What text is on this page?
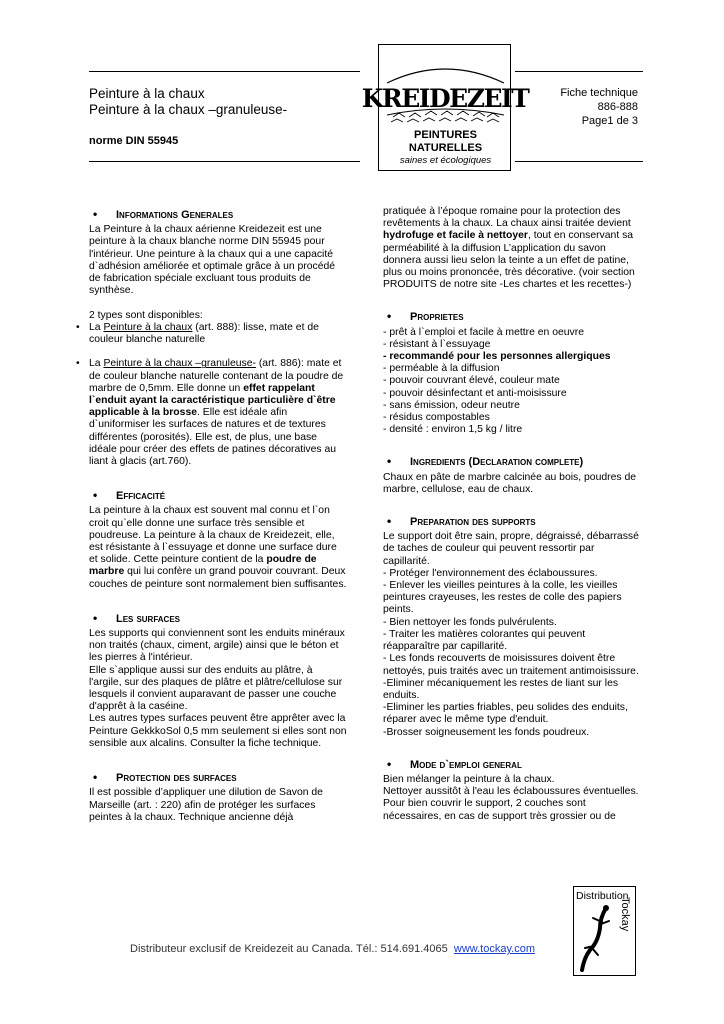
Peinture à la chaux
Peinture à la chaux –granuleuse-
norme DIN 55945
Fiche technique
886-888
Page1 de 3
KREIDEZEIT
PEINTURES
NATURELLES
saines et écologiques
• Informations Generales

La Peinture à la chaux aérienne Kreidezeit est une peinture à la chaux blanche norme DIN 55945 pour l'intérieur. Une peinture à la chaux qui a une capacité d`adhésion améliorée et optimale grâce à un procédé de fabrication spéciale excluant tous produits de synthèse.

2 types sont disponibles:

• La Peinture à la chaux (art. 888): lisse, mate et de couleur blanche naturelle

• La Peinture à la chaux –granuleuse- (art. 886): mate et de couleur blanche naturelle contenant de la poudre de marbre de 0,5mm. Elle donne un effet rappelant l`enduit ayant la caractéristique particulière d`être applicable à la brosse. Elle est idéale afin d`uniformiser les surfaces de natures et de textures différentes (porosités). Elle est, de plus, une base idéale pour créer des effets de patines décoratives au liant à glacis (art.760).

• Efficacité

La peinture à la chaux est souvent mal connu et l`on croit qu`elle donne une surface très sensible et poudreuse. La peinture à la chaux de Kreidezeit, elle, est résistante à l`essuyage et donne une surface dure et solide. Cette peinture contient de la poudre de marbre qui lui confère un grand pouvoir couvrant. Deux couches de peinture sont normalement bien suffisantes.

• Les surfaces

Les supports qui conviennent sont les enduits minéraux non traités (chaux, ciment, argile) ainsi que le béton et les pierres à l'intérieur.

Elle s`applique aussi sur des enduits au plâtre, à l'argile, sur des plaques de plâtre et plâtre/cellulose sur lesquels il convient auparavant de passer une couche d'apprêt à la caséine.

Les autres types surfaces peuvent être apprêter avec la Peinture GekkkoSol 0,5 mm seulement si elles sont non sensible aux alcalins. Consulter la fiche technique.

• Protection des surfaces

Il est possible d’appliquer une dilution de Savon de Marseille (art. : 220) afin de protéger les surfaces peintes à la chaux. Technique ancienne déjà

pratiquée à l’époque romaine pour la protection des revêtements à la chaux. La chaux ainsi traitée devient hydrofuge et facile à nettoyer, tout en conservant sa perméabilité à la diffusion L’application du savon donnera aussi lieu selon la teinte a un effet de patine, plus ou moins prononcée, très décorative. (voir section PRODUITS de notre site -Les chartes et les recettes-)

• Proprietes

- prêt à l`emploi et facile à mettre en oeuvre

- résistant à l`essuyage

- recommandé pour les personnes allergiques

- perméable à la diffusion

- pouvoir couvrant élevé, couleur mate

- pouvoir désinfectant et anti-moisissure

- sans émission, odeur neutre

- résidus compostables

- densité : environ 1,5 kg / litre

• Ingredients (Declaration complete)

Chaux en pâte de marbre calcinée au bois, poudres de marbre, cellulose, eau de chaux.

• Preparation des supports

Le support doit être sain, propre, dégraissé, débarrassé de taches de couleur qui peuvent ressortir par capillarité.

- Protéger l'environnement des éclaboussures.

- Enlever les vieilles peintures à la colle, les vieilles peintures crayeuses, les restes de colle des papiers peints.

- Bien nettoyer les fonds pulvérulents.

- Traiter les matières colorantes qui peuvent réapparaître par capillarité.

- Les fonds recouverts de moisissures doivent être nettoyés, puis traités avec un traitement antimoisissure.

-Eliminer mécaniquement les restes de liant sur les enduits.

-Eliminer les parties friables, peu solides des enduits, réparer avec le même type d'enduit.

-Brosser soigneusement les fonds poudreux.

• Mode d`emploi general

Bien mélanger la peinture à la chaux.

Nettoyer aussitôt à l'eau les éclaboussures éventuelles. Pour bien couvrir le support, 2 couches sont nécessaires, en cas de support très grossier ou de

Distributeur exclusif de Kreidezeit au Canada. Tél.: 514.691.4065 www.tockay.com
Distribution
Tockay
